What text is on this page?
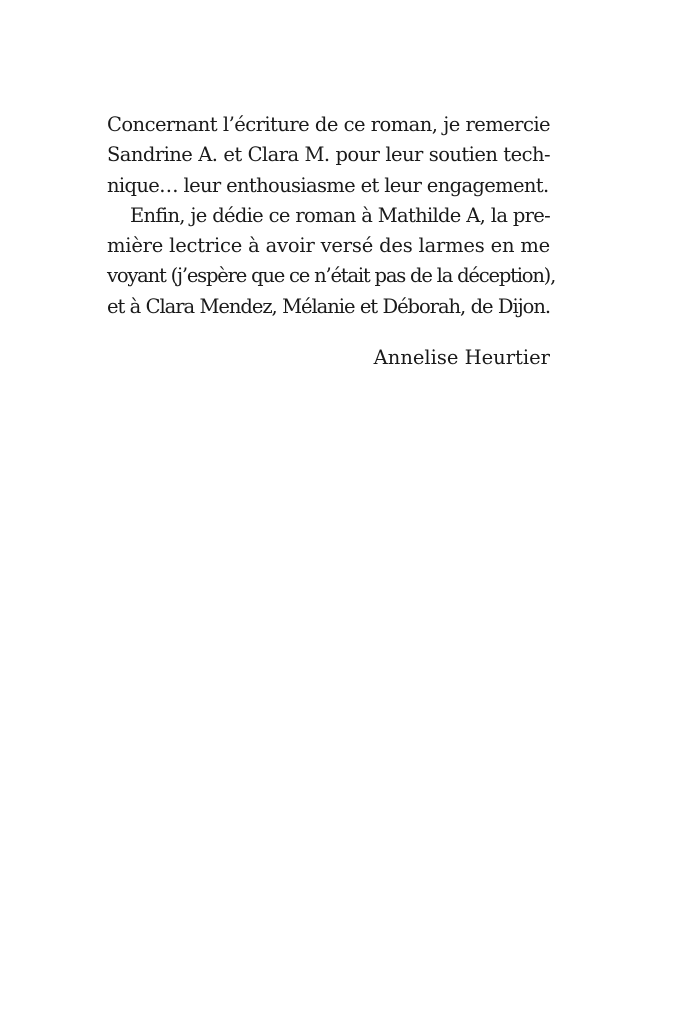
Concernant l’écriture de ce roman, je remercie
Sandrine A. et Clara M. pour leur soutien tech-
nique… leur enthousiasme et leur engagement.
Enfin, je dédie ce roman à Mathilde A, la pre-
mière lectrice à avoir versé des larmes en me
voyant (j’espère que ce n’était pas de la déception),
et à Clara Mendez, Mélanie et Déborah, de Dijon.
Annelise Heurtier
